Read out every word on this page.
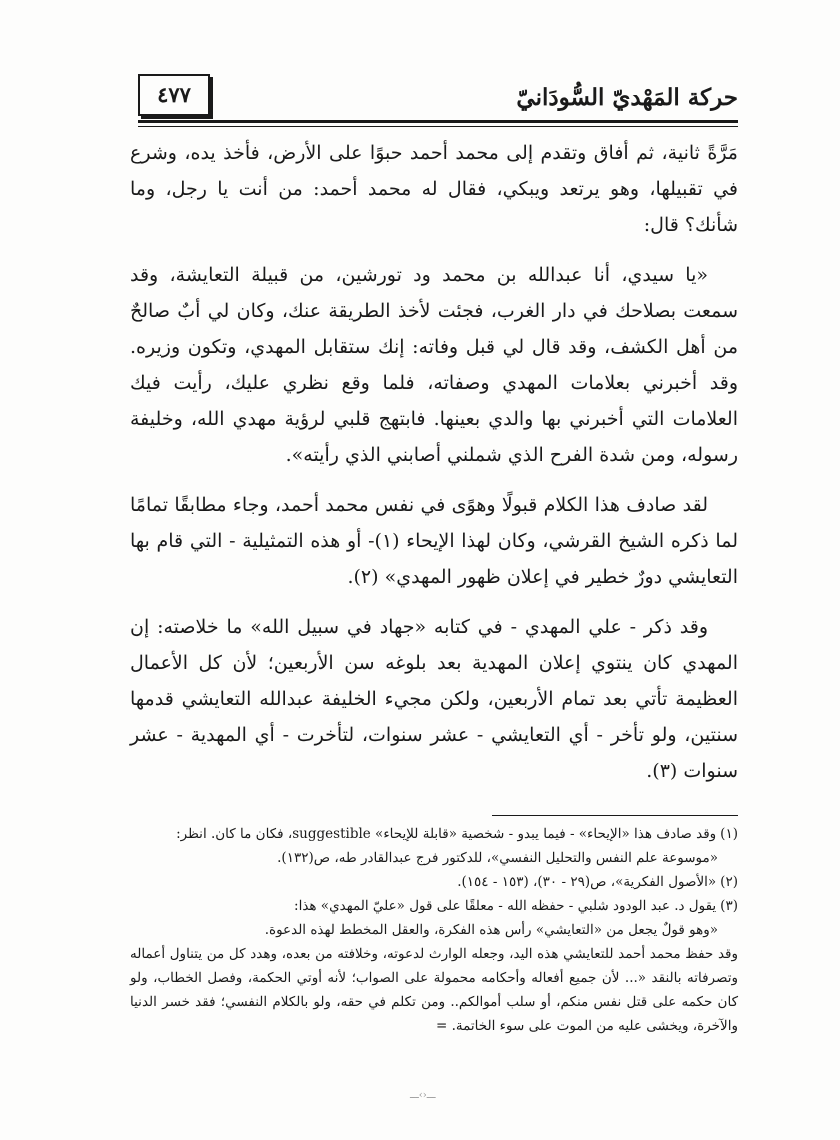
حركة المَهْديّ السُّودَانيّ
٤٧٧

مَرَّةً ثانية، ثم أفاق وتقدم إلى محمد أحمد حبوًا على الأرض، فأخذ يده، وشرع في تقبيلها، وهو يرتعد ويبكي، فقال له محمد أحمد: من أنت يا رجل، وما شأنك؟ قال:

«يا سيدي، أنا عبدالله بن محمد ود تورشين، من قبيلة التعايشة، وقد سمعت بصلاحك في دار الغرب، فجئت لأخذ الطريقة عنك، وكان لي أبٌ صالحٌ من أهل الكشف، وقد قال لي قبل وفاته: إنك ستقابل المهدي، وتكون وزيره. وقد أخبرني بعلامات المهدي وصفاته، فلما وقع نظري عليك، رأيت فيك العلامات التي أخبرني بها والدي بعينها. فابتهج قلبي لرؤية مهدي الله، وخليفة رسوله، ومن شدة الفرح الذي شملني أصابني الذي رأيته».

لقد صادف هذا الكلام قبولًا وهوًى في نفس محمد أحمد، وجاء مطابقًا تمامًا لما ذكره الشيخ القرشي، وكان لهذا الإيحاء (١)- أو هذه التمثيلية - التي قام بها التعايشي دورٌ خطير في إعلان ظهور المهدي» (٢).

وقد ذكر - علي المهدي - في كتابه «جهاد في سبيل الله» ما خلاصته: إن المهدي كان ينتوي إعلان المهدية بعد بلوغه سن الأربعين؛ لأن كل الأعمال العظيمة تأتي بعد تمام الأربعين، ولكن مجيء الخليفة عبدالله التعايشي قدمها سنتين، ولو تأخر - أي التعايشي - عشر سنوات، لتأخرت - أي المهدية - عشر سنوات (٣).

(١)وقد صادف هذا «الإيحاء» - فيما يبدو - شخصية «قابلة للإيحاء» suggestible، فكان ما كان. انظر:

«موسوعة علم النفس والتحليل النفسي»، للدكتور فرج عبدالقادر طه، ص(١٣٢).

(٢)«الأصول الفكرية»، ص(٢٩ - ٣٠)، (١٥٣ - ١٥٤).

(٣)يقول د. عبد الودود شلبي - حفظه الله - معلقًا على قول «عليّ المهدي» هذا:

«وهو قولٌ يجعل من «التعايشي» رأس هذه الفكرة، والعقل المخطط لهذه الدعوة.

وقد حفظ محمد أحمد للتعايشي هذه اليد، وجعله الوارث لدعوته، وخلافته من بعده، وهدد كل من يتناول أعماله وتصرفاته بالنقد «... لأن جميع أفعاله وأحكامه محمولة على الصواب؛ لأنه أوتي الحكمة، وفصل الخطاب، ولو كان حكمه على قتل نفس منكم، أو سلب أموالكم.. ومن تكلم في حقه، ولو بالكلام النفسي؛ فقد خسر الدنيا والآخرة، ويخشى عليه من الموت على سوء الخاتمة. =

ـــ‹›ـــ
